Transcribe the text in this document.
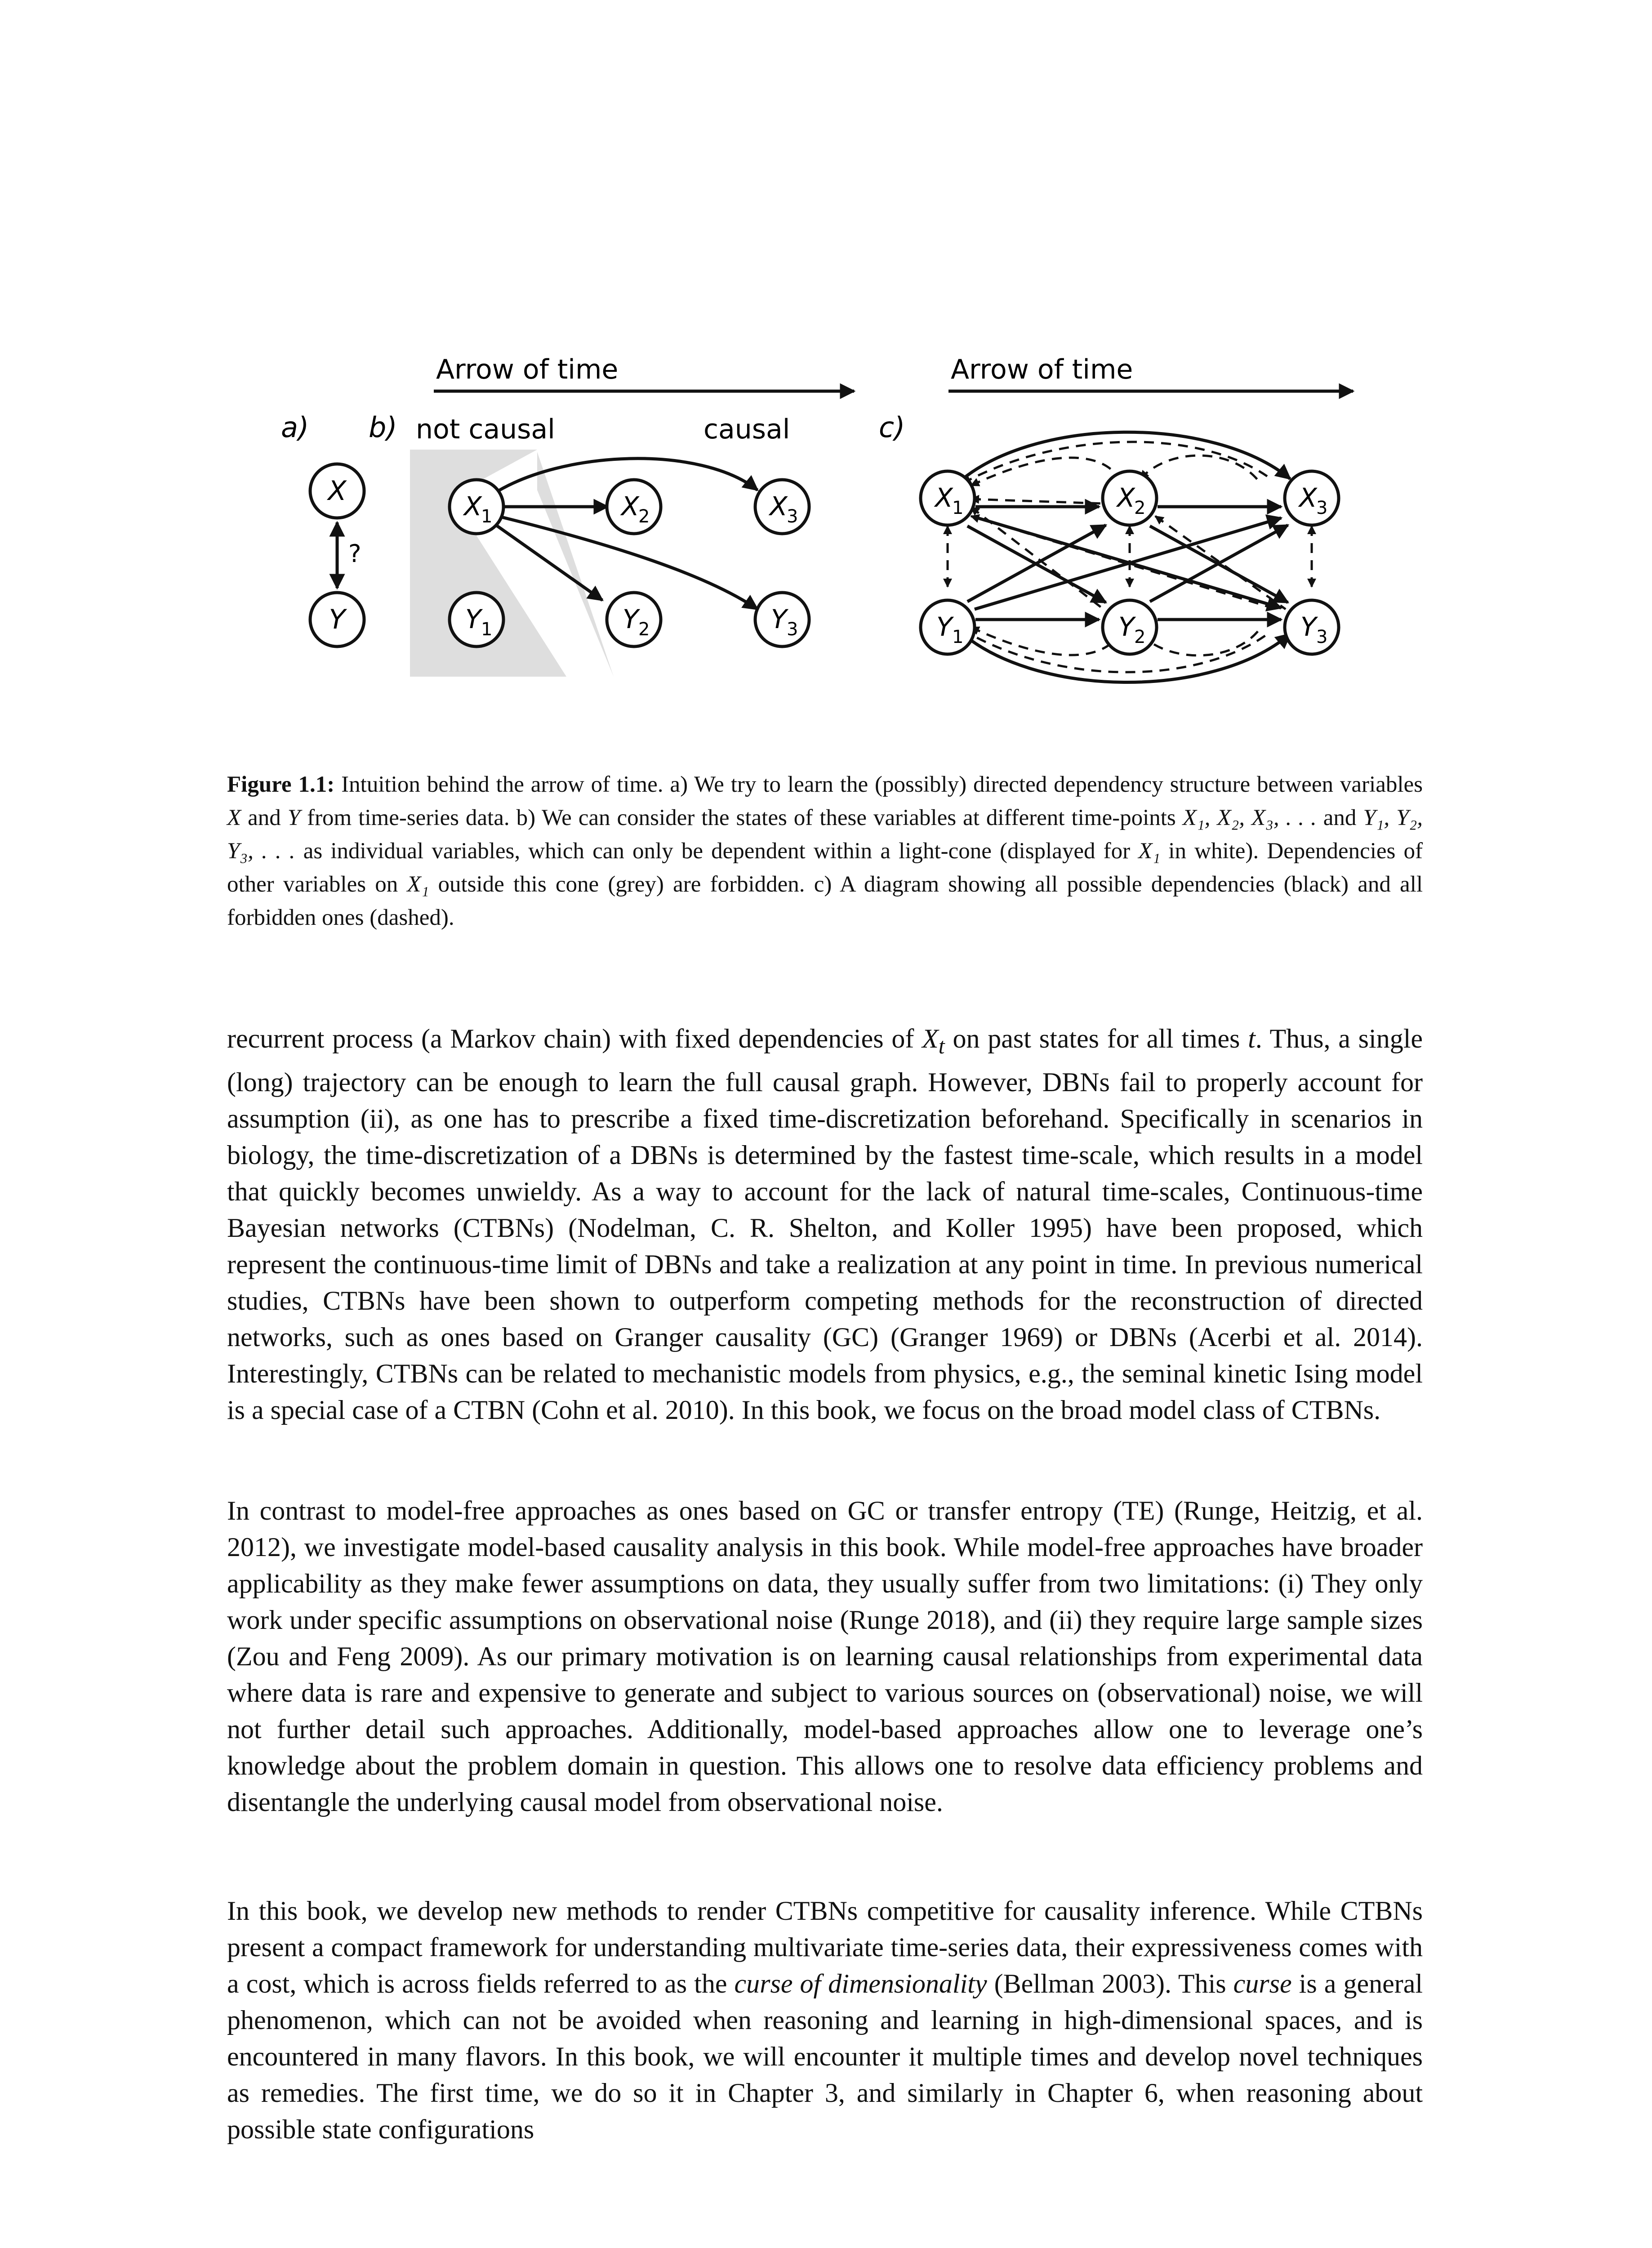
Arrow of time	Arrow of time
a) b)	c)
not causal	causal
X
Y
?
X
1	X
2	X
3
Y 1	Y 2	Y 3
X
1	X
2	X
3
Y 1	Y 2	Y 3
Figure 1.1: Intuition behind the arrow of time. a) We try to learn the (possibly) directed dependency structure between variables X and Y from time-series data. b) We can consider the states of these variables at different time-points X₁, X₂, X₃, . . . and Y₁, Y₂, Y₃, . . . as individual variables, which can only be dependent within a light-cone (displayed for X₁ in white). Dependencies of other variables on X₁ outside this cone (grey) are forbidden. c) A diagram showing all possible dependencies (black) and all forbidden ones (dashed).

recurrent process (a Markov chain) with fixed dependencies of $X_t$ on past states for all times t. Thus, a single (long) trajectory can be enough to learn the full causal graph. However, DBNs fail to properly account for assumption (ii), as one has to prescribe a fixed time-discretization beforehand. Specifically in scenarios in biology, the time-discretization of a DBNs is determined by the fastest time-scale, which results in a model that quickly becomes unwieldy. As a way to account for the lack of natural time-scales, Continuous-time Bayesian networks (CTBNs) (Nodelman, C. R. Shelton, and Koller 1995) have been proposed, which represent the continuous-time limit of DBNs and take a realization at any point in time. In previous numerical studies, CTBNs have been shown to outperform competing methods for the reconstruction of directed networks, such as ones based on Granger causality (GC) (Granger 1969) or DBNs (Acerbi et al. 2014). Interestingly, CTBNs can be related to mechanistic models from physics, e.g., the seminal kinetic Ising model is a special case of a CTBN (Cohn et al. 2010). In this book, we focus on the broad model class of CTBNs.

In contrast to model-free approaches as ones based on GC or transfer entropy (TE) (Runge, Heitzig, et al. 2012), we investigate model-based causality analysis in this book. While model-free approaches have broader applicability as they make fewer assumptions on data, they usually suffer from two limitations: (i) They only work under specific assumptions on observational noise (Runge 2018), and (ii) they require large sample sizes (Zou and Feng 2009). As our primary motivation is on learning causal relationships from experimental data where data is rare and expensive to generate and subject to various sources on (observational) noise, we will not further detail such approaches. Additionally, model-based approaches allow one to leverage one’s knowledge about the problem domain in question. This allows one to resolve data efficiency problems and disentangle the underlying causal model from observational noise.

In this book, we develop new methods to render CTBNs competitive for causality inference. While CTBNs present a compact framework for understanding multivariate time-series data, their expressiveness comes with a cost, which is across fields referred to as the curse of dimensionality (Bellman 2003). This curse is a general phenomenon, which can not be avoided when reasoning and learning in high-dimensional spaces, and is encountered in many flavors. In this book, we will encounter it multiple times and develop novel techniques as remedies. The first time, we do so it in Chapter 3, and similarly in Chapter 6, when reasoning about possible state configurations
